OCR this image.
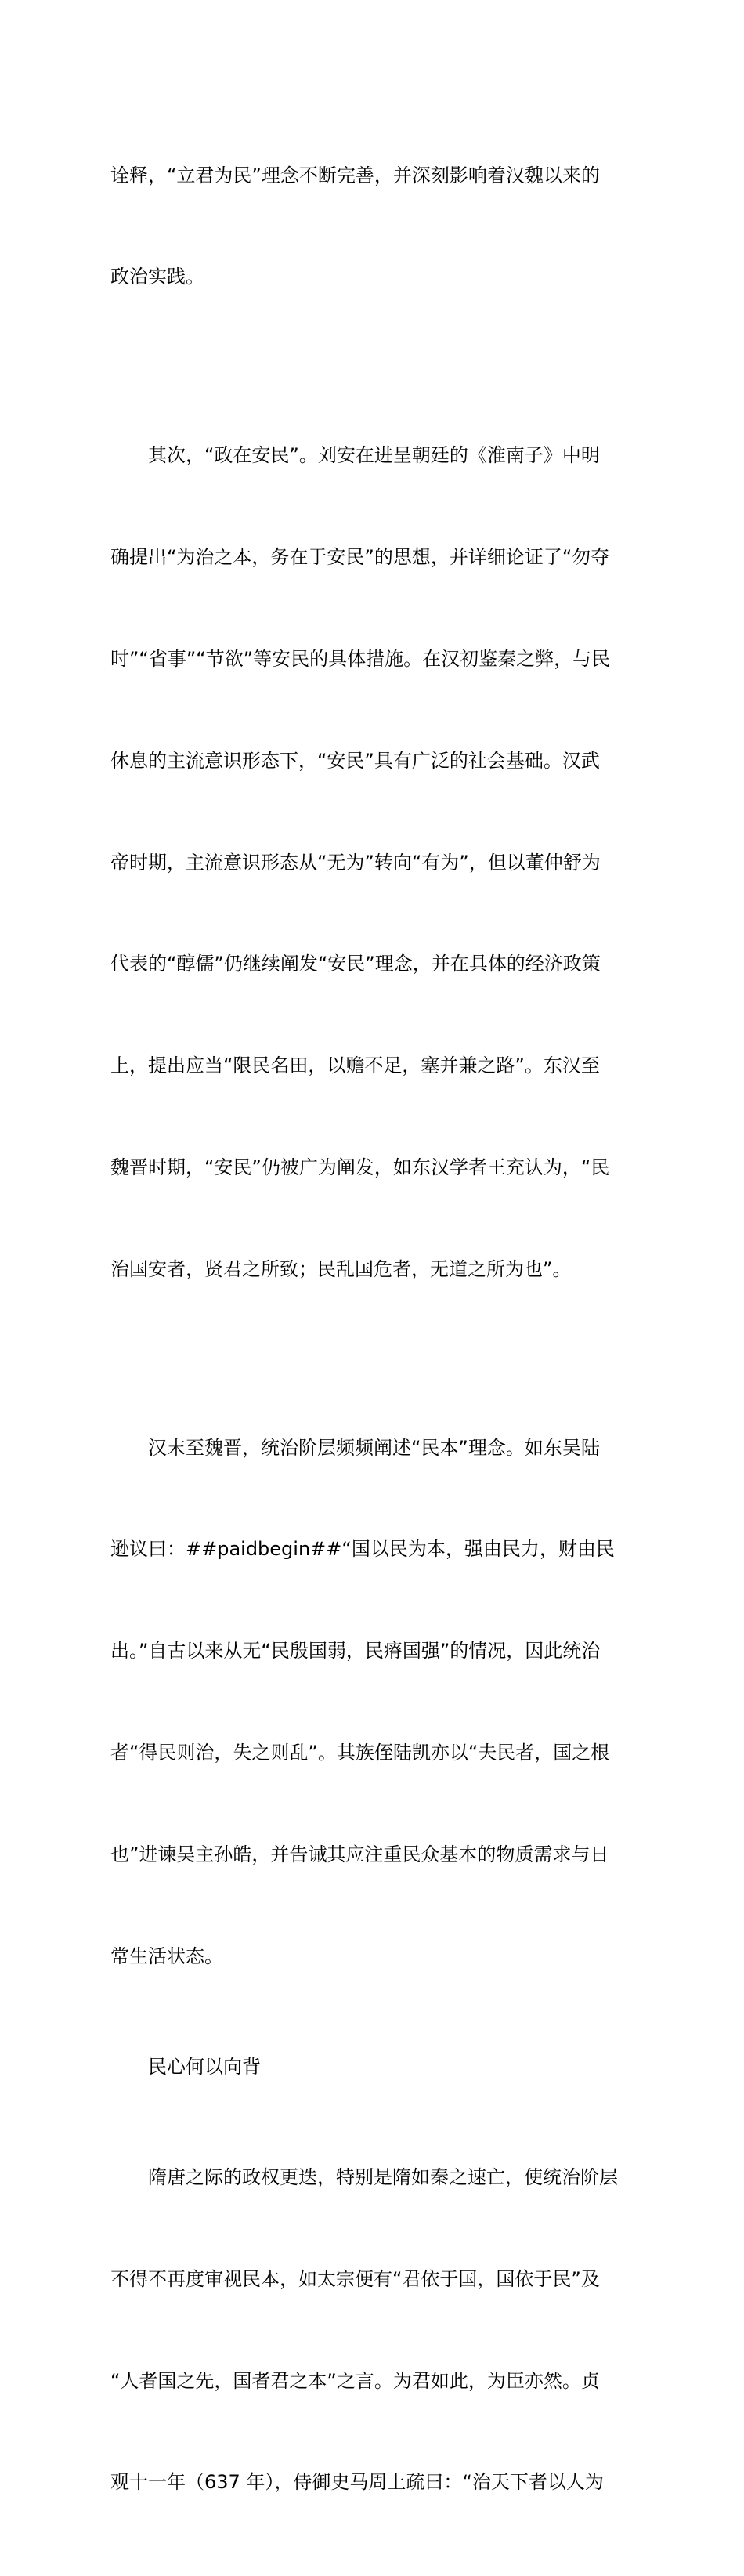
诠释，“立君为民”理念不断完善，并深刻影响着汉魏以来的

政治实践。

其次，“政在安民”。刘安在进呈朝廷的《淮南子》中明

确提出“为治之本，务在于安民”的思想，并详细论证了“勿夺

时”“省事”“节欲”等安民的具体措施。在汉初鉴秦之弊，与民

休息的主流意识形态下，“安民”具有广泛的社会基础。汉武

帝时期，主流意识形态从“无为”转向“有为”，但以董仲舒为

代表的“醇儒”仍继续阐发“安民”理念，并在具体的经济政策

上，提出应当“限民名田，以赡不足，塞并兼之路”。东汉至

魏晋时期，“安民”仍被广为阐发，如东汉学者王充认为，“民

治国安者，贤君之所致；民乱国危者，无道之所为也”。

汉末至魏晋，统治阶层频频阐述“民本”理念。如东吴陆

逊议曰：##paidbegin##“国以民为本，强由民力，财由民

出。”自古以来从无“民殷国弱，民瘠国强”的情况，因此统治

者“得民则治，失之则乱”。其族侄陆凯亦以“夫民者，国之根

也”进谏吴主孙皓，并告诫其应注重民众基本的物质需求与日

常生活状态。

民心何以向背

隋唐之际的政权更迭，特别是隋如秦之速亡，使统治阶层

不得不再度审视民本，如太宗便有“君依于国，国依于民”及

“人者国之先，国者君之本”之言。为君如此，为臣亦然。贞

观十一年（637 年），侍御史马周上疏曰：“治天下者以人为
